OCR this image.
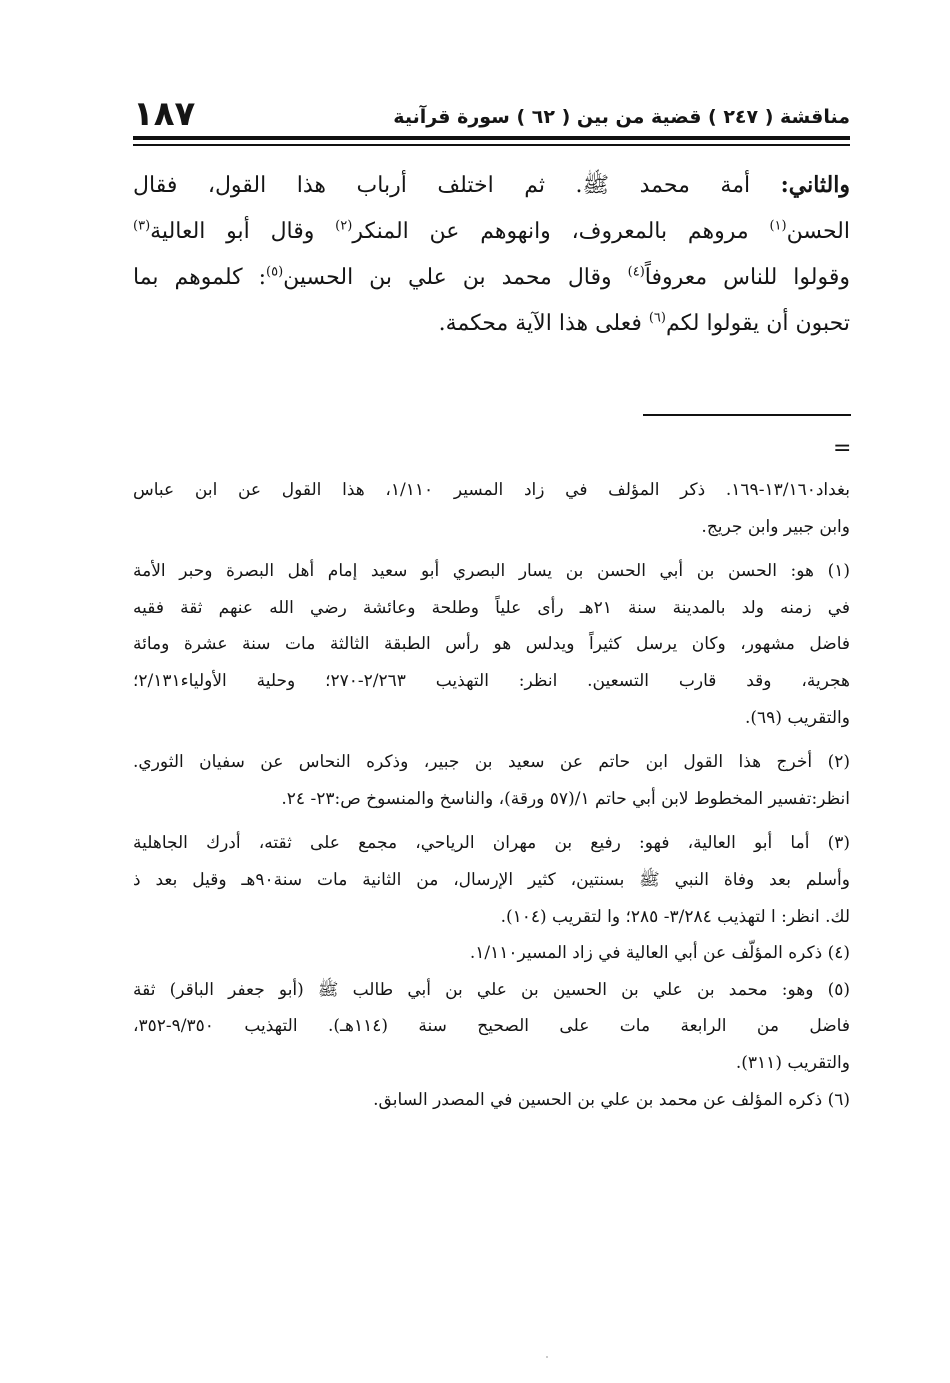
مناقشة ( ٢٤٧ ) قضية من بين ( ٦٢ ) سورة قرآنية
١٨٧
والثاني: أمة محمد ﷺ. ثم اختلف أرباب هذا القول، فقال
الحسن$^{(١)}$ مروهم بالمعروف، وانهوهم عن المنكر$^{(٢)}$ وقال أبو العالية$^{(٣)}$
وقولوا للناس معروفاً$^{(٤)}$ وقال محمد بن علي بن الحسين$^{(٥)}$: كلموهم بما
تحبون أن يقولوا لكم$^{(٦)}$ فعلى هذا الآية محكمة.
=
بغداد١٣/١٦٠-١٦٩. ذكر المؤلف في زاد المسير ١/١١٠، هذا القول عن ابن عباس
وابن جبير وابن جريج.
(١) هو: الحسن بن أبي الحسن بن يسار البصري أبو سعيد إمام أهل البصرة وحبر الأمة
في زمنه ولد بالمدينة سنة ٢١هـ رأى علياً وطلحة وعائشة رضي الله عنهم ثقة فقيه
فاضل مشهور، وكان يرسل كثيراً ويدلس هو رأس الطبقة الثالثة مات سنة عشرة ومائة
هجرية، وقد قارب التسعين. انظر: التهذيب ٢/٢٦٣-٢٧٠؛ وحلية الأولياء٢/١٣١؛
والتقريب (٦٩).
(٢) أخرج هذا القول ابن حاتم عن سعيد بن جبير، وذكره النحاس عن سفيان الثوري.
انظر:تفسير المخطوط لابن أبي حاتم ١/(٥٧ ورقة)، والناسخ والمنسوخ ص:٢٣- ٢٤.
(٣) أما أبو العالية، فهو: رفيع بن مهران الرياحي، مجمع على ثقته، أدرك الجاهلية
وأسلم بعد وفاة النبي ﷺ بسنتين، كثير الإرسال، من الثانية مات سنة٩٠هـ وقيل بعد ذ
لك. انظر: ا لتهذيب ٣/٢٨٤- ٢٨٥؛ وا لتقريب (١٠٤).
(٤) ذكره المؤلّف عن أبي العالية في زاد المسير١/١١٠.
(٥) وهو: محمد بن علي بن الحسين بن علي بن أبي طالب ﷺ (أبو جعفر الباقر) ثقة
فاضل من الرابعة مات على الصحيح سنة (١١٤هـ). التهذيب ٩/٣٥٠-٣٥٢،
والتقريب (٣١١).
(٦) ذكره المؤلف عن محمد بن علي بن الحسين في المصدر السابق.
